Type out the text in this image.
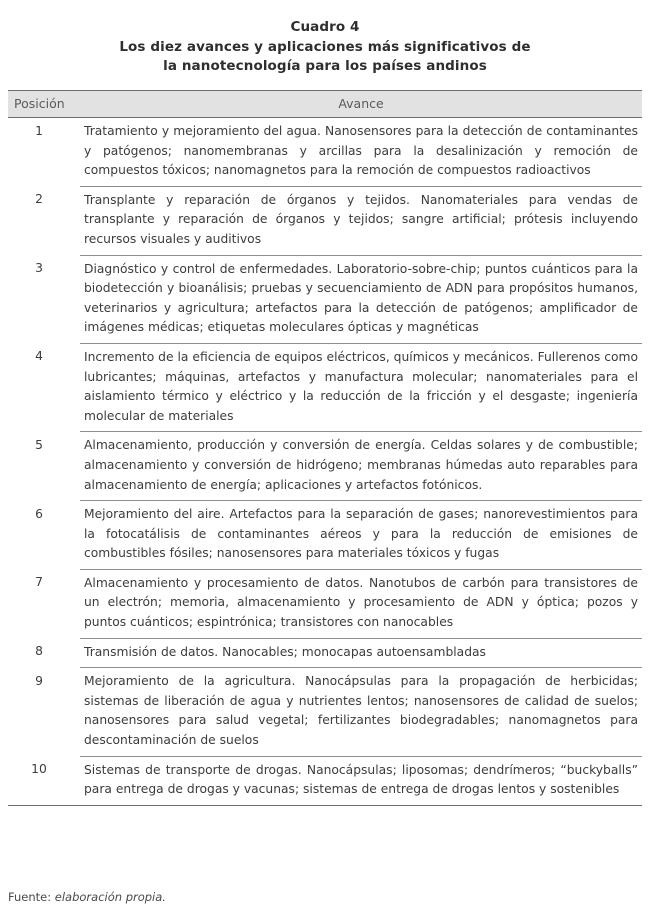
Cuadro 4
Los diez avances y aplicaciones más significativos de
la nanotecnología para los países andinos
Posición	Avance
1	Tratamiento y mejoramiento del agua. Nanosensores para la detección de contaminantes y patógenos; nanomembranas y arcillas para la desalinización y remoción de compuestos tóxicos; nanomagnetos para la remoción de compuestos radioactivos
2	Transplante y reparación de órganos y tejidos. Nanomateriales para vendas de transplante y reparación de órganos y tejidos; sangre artificial; prótesis incluyendo recursos visuales y auditivos
3	Diagnóstico y control de enfermedades. Laboratorio-sobre-chip; puntos cuánticos para la biodetección y bioanálisis; pruebas y secuenciamiento de ADN para propósitos humanos, veterinarios y agricultura; artefactos para la detección de patógenos; amplificador de imágenes médicas; etiquetas moleculares ópticas y magnéticas
4	Incremento de la eficiencia de equipos eléctricos, químicos y mecánicos. Fullerenos como lubricantes; máquinas, artefactos y manufactura molecular; nanomateriales para el aislamiento térmico y eléctrico y la reducción de la fricción y el desgaste; ingeniería molecular de materiales
5	Almacenamiento, producción y conversión de energía. Celdas solares y de combustible; almacenamiento y conversión de hidrógeno; membranas húmedas auto reparables para almacenamiento de energía; aplicaciones y artefactos fotónicos.
6	Mejoramiento del aire. Artefactos para la separación de gases; nanorevestimientos para la fotocatálisis de contaminantes aéreos y para la reducción de emisiones de combustibles fósiles; nanosensores para materiales tóxicos y fugas
7	Almacenamiento y procesamiento de datos. Nanotubos de carbón para transistores de un electrón; memoria, almacenamiento y procesamiento de ADN y óptica; pozos y puntos cuánticos; espintrónica; transistores con nanocables
8	Transmisión de datos. Nanocables; monocapas autoensambladas
9	Mejoramiento de la agricultura. Nanocápsulas para la propagación de herbicidas; sistemas de liberación de agua y nutrientes lentos; nanosensores de calidad de suelos; nanosensores para salud vegetal; fertilizantes biodegradables; nanomagnetos para descontaminación de suelos
10	Sistemas de transporte de drogas. Nanocápsulas; liposomas; dendrímeros; “buckyballs” para entrega de drogas y vacunas; sistemas de entrega de drogas lentos y sostenibles
Fuente: elaboración propia.
